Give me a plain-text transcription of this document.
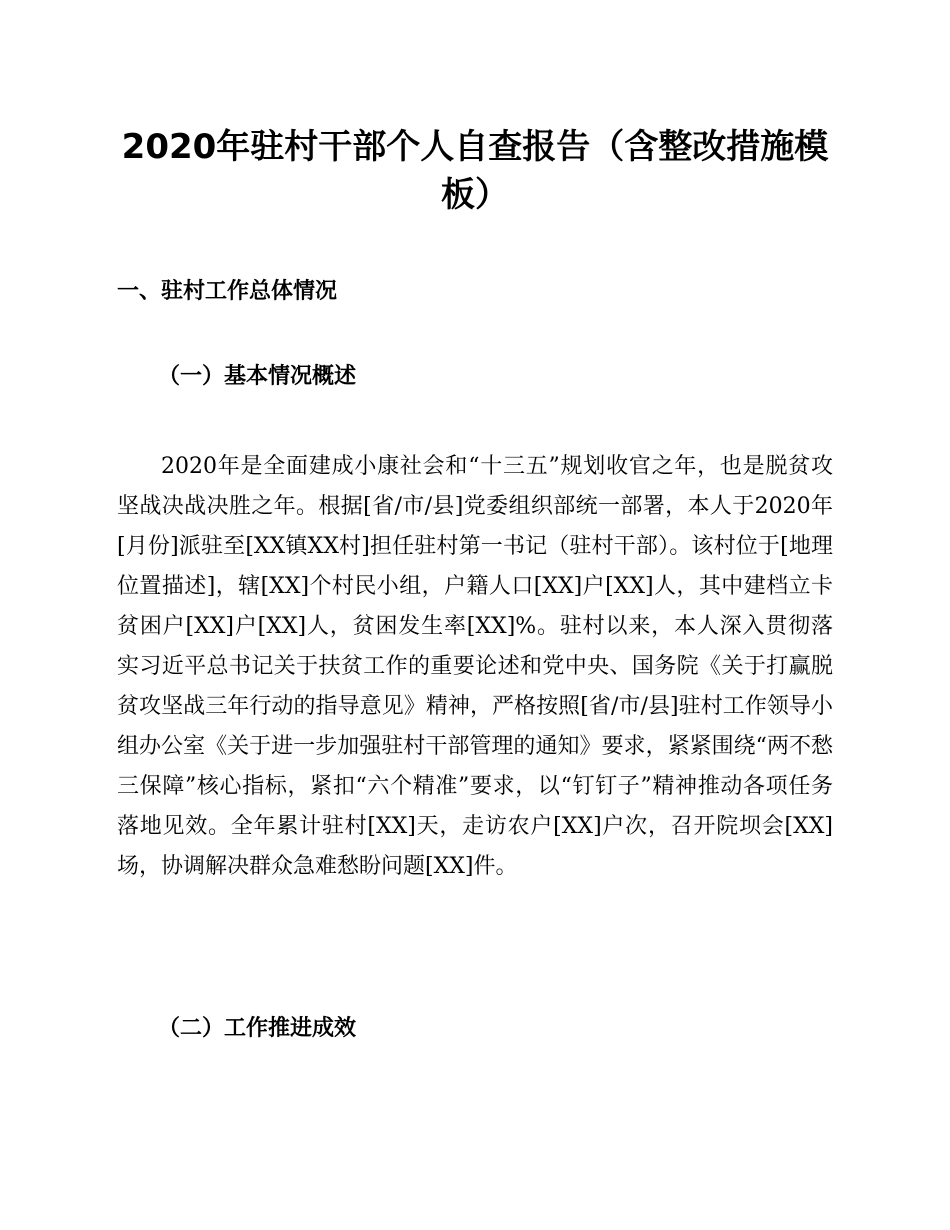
2020年驻村干部个人自查报告（含整改措施模板）
一、驻村工作总体情况
（一）基本情况概述

2020年是全面建成小康社会和“十三五”规划收官之年，也是脱贫攻坚战决战决胜之年。根据[省/市/县]党委组织部统一部署，本人于2020年[月份]派驻至[XX镇XX村]担任驻村第一书记（驻村干部）。该村位于[地理位置描述]，辖[XX]个村民小组，户籍人口[XX]户[XX]人，其中建档立卡贫困户[XX]户[XX]人，贫困发生率[XX]%。驻村以来，本人深入贯彻落实习近平总书记关于扶贫工作的重要论述和党中央、国务院《关于打赢脱贫攻坚战三年行动的指导意见》精神，严格按照[省/市/县]驻村工作领导小组办公室《关于进一步加强驻村干部管理的通知》要求，紧紧围绕“两不愁三保障”核心指标，紧扣“六个精准”要求，以“钉钉子”精神推动各项任务落地见效。全年累计驻村[XX]天，走访农户[XX]户次，召开院坝会[XX]场，协调解决群众急难愁盼问题[XX]件。

（二）工作推进成效
